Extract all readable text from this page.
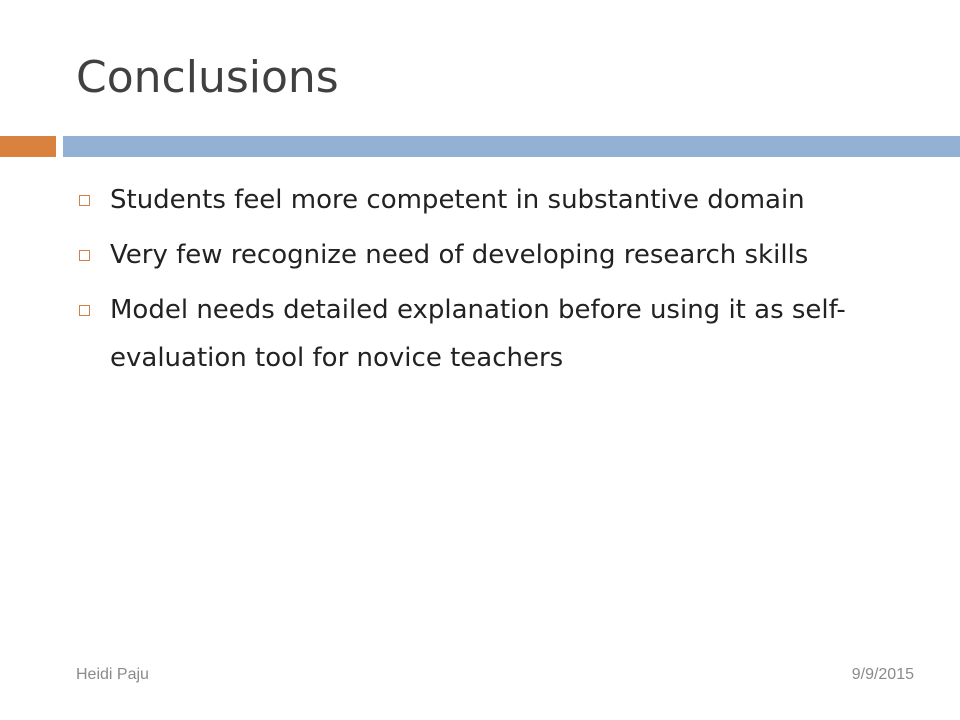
Conclusions
Students feel more competent in substantive domain
Very few recognize need of developing research skills
Model needs detailed explanation before using it as self-evaluation tool for novice teachers
Heidi Paju	9/9/2015
